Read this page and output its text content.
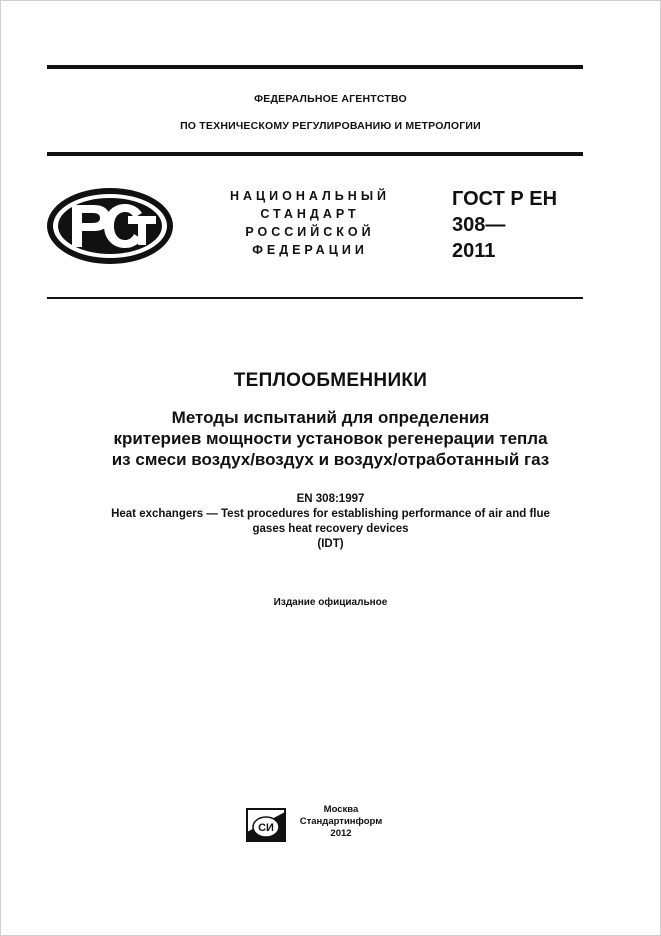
ФЕДЕРАЛЬНОЕ АГЕНТСТВО
ПО ТЕХНИЧЕСКОМУ РЕГУЛИРОВАНИЮ И МЕТРОЛОГИИ
НАЦИОНАЛЬНЫЙ
СТАНДАРТ
РОССИЙСКОЙ
ФЕДЕРАЦИИ
ГОСТ Р ЕН
308—
2011
ТЕПЛООБМЕННИКИ
Методы испытаний для определения
критериев мощности установок регенерации тепла
из смеси воздух/воздух и воздух/отработанный газ
EN 308:1997
Heat exchangers — Test procedures for establishing performance of air and flue
gases heat recovery devices
(IDT)
Издание официальное
СИ
Москва
Стандартинформ
2012
